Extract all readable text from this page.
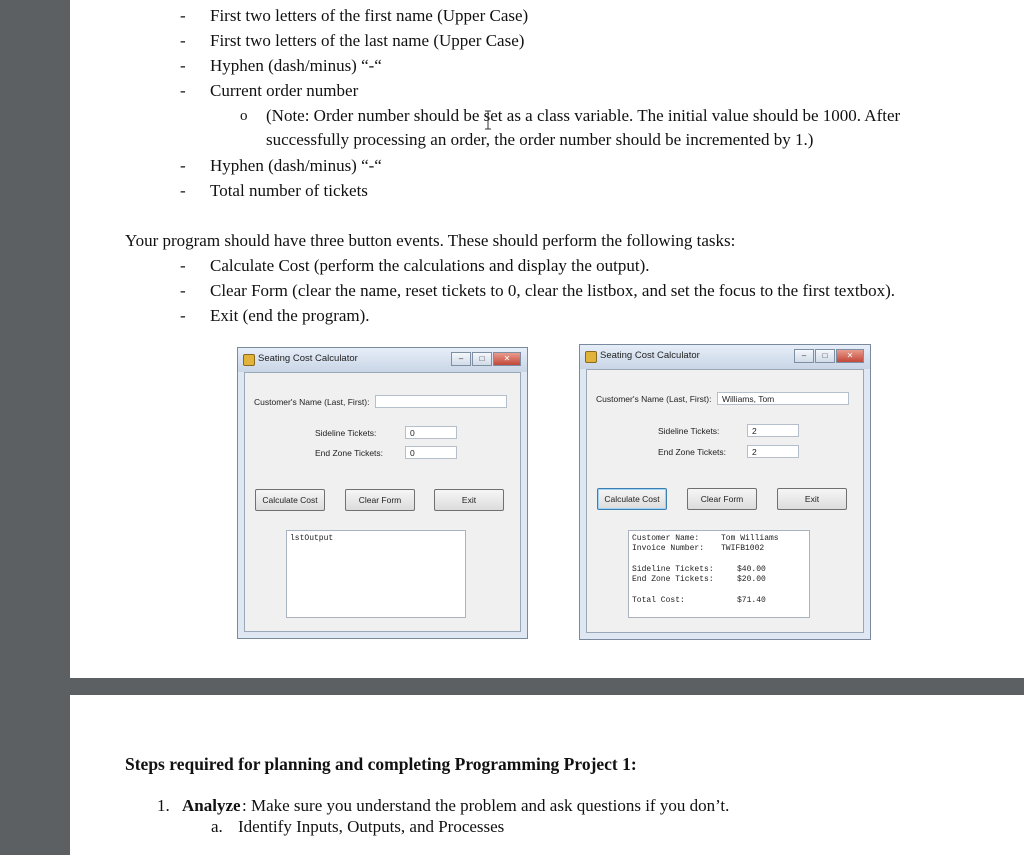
- First two letters of the first name (Upper Case)
- First two letters of the last name (Upper Case)
- Hyphen (dash/minus) “-“
- Current order number
o (Note: Order number should be set as a class variable. The initial value should be 1000. After
successfully processing an order, the order number should be incremented by 1.)
- Hyphen (dash/minus) “-“
- Total number of tickets
Your program should have three button events. These should perform the following tasks:
- Calculate Cost (perform the calculations and display the output).
- Clear Form (clear the name, reset tickets to 0, clear the listbox, and set the focus to the first textbox).
- Exit (end the program).
Seating Cost Calculator	–	□	✕
Customer's Name (Last, First):
Sideline Tickets:	0
End Zone Tickets:	0
Calculate Cost	Clear Form	Exit
lstOutput
Seating Cost Calculator	–	□	✕
Customer's Name (Last, First):	Williams, Tom
Sideline Tickets:	2
End Zone Tickets:	2
Calculate Cost	Clear Form	Exit
Customer Name:	Tom Williams
Invoice Number: TWIFB1002
Sideline Tickets:	$40.00
End Zone Tickets:	$20.00
Total Cost:	$71.40
Steps required for planning and completing Programming Project 1:
1. Analyze : Make sure you understand the problem and ask questions if you don’t.
a. Identify Inputs, Outputs, and Processes
